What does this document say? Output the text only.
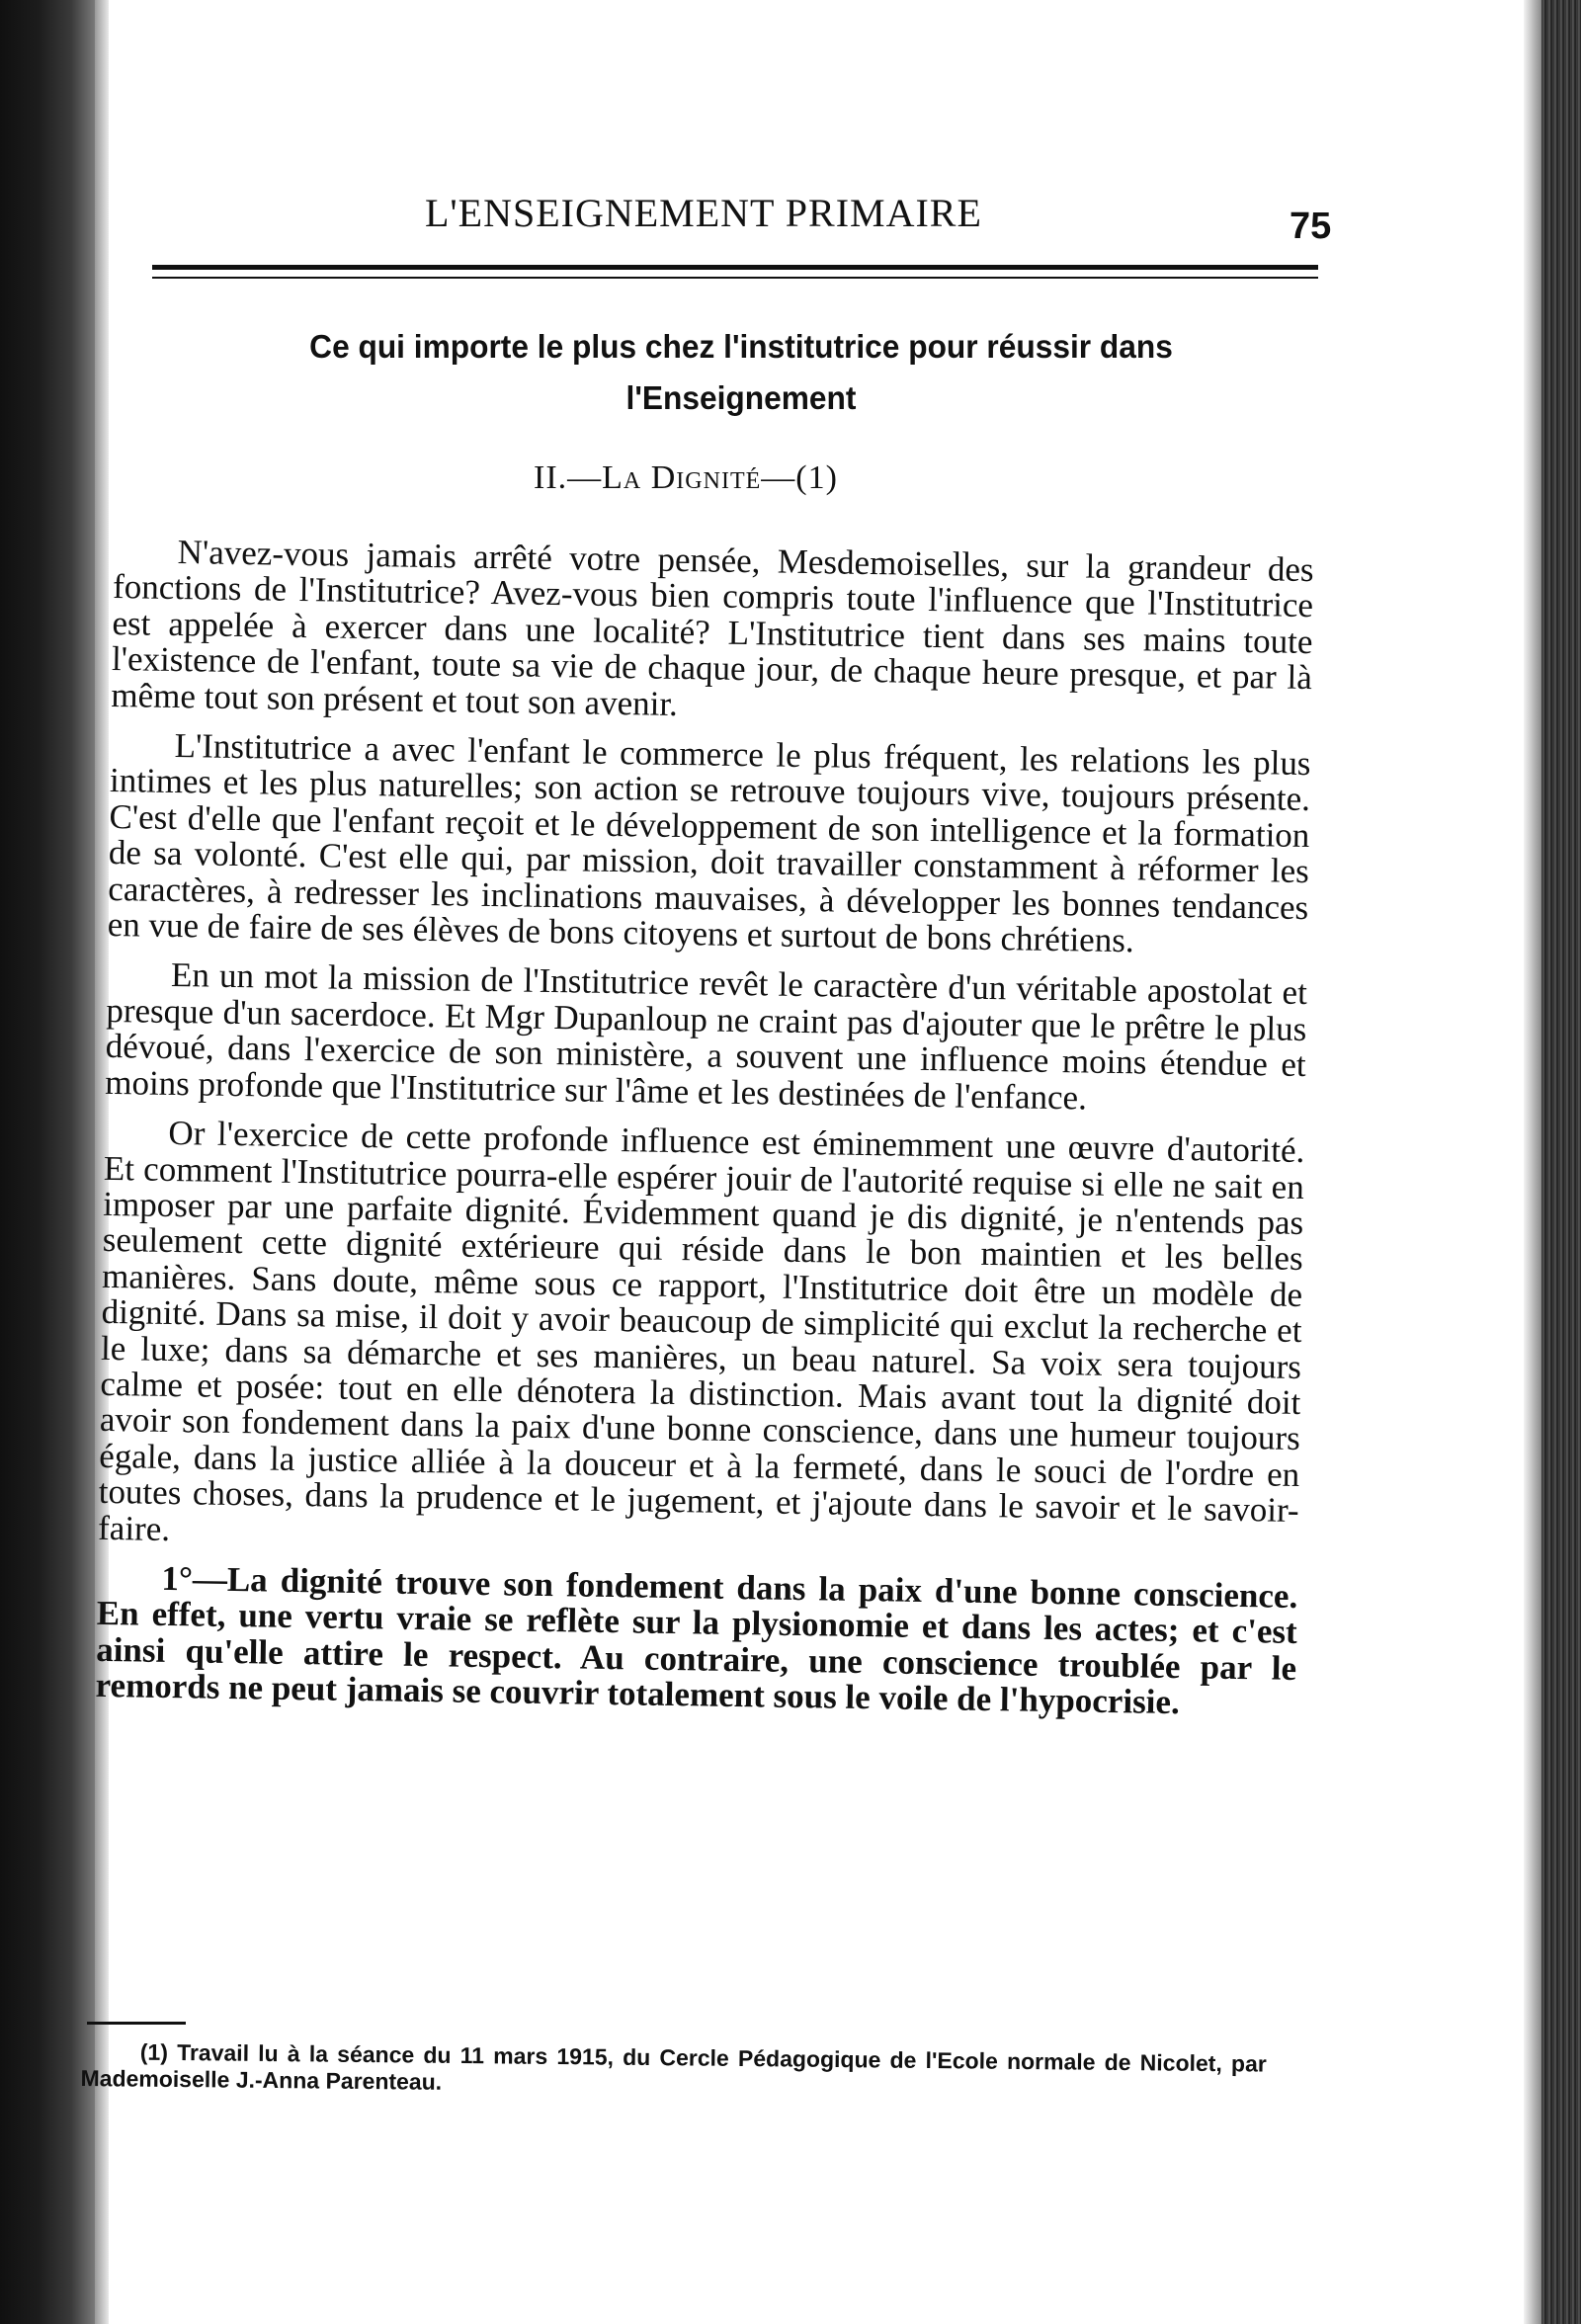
L'ENSEIGNEMENT PRIMAIRE	75
Ce qui importe le plus chez l'institutrice pour réussir dans l'Enseignement
II.—La Dignité—(1)

N'avez-vous jamais arrêté votre pensée, Mesdemoiselles, sur la grandeur des fonctions de l'Institutrice? Avez-vous bien compris toute l'influence que l'Institutrice est appelée à exercer dans une localité? L'Institutrice tient dans ses mains toute l'existence de l'enfant, toute sa vie de chaque jour, de chaque heure presque, et par là même tout son présent et tout son avenir.

L'Institutrice a avec l'enfant le commerce le plus fréquent, les relations les plus intimes et les plus naturelles; son action se retrouve toujours vive, toujours présente. C'est d'elle que l'enfant reçoit et le développement de son intelligence et la formation de sa volonté. C'est elle qui, par mission, doit travailler constamment à réformer les caractères, à redresser les inclinations mauvaises, à développer les bonnes tendances en vue de faire de ses élèves de bons citoyens et surtout de bons chrétiens.

En un mot la mission de l'Institutrice revêt le caractère d'un véritable apostolat et presque d'un sacerdoce. Et Mgr Dupanloup ne craint pas d'ajouter que le prêtre le plus dévoué, dans l'exercice de son ministère, a souvent une influence moins étendue et moins profonde que l'Institutrice sur l'âme et les destinées de l'enfance.

Or l'exercice de cette profonde influence est éminemment une œuvre d'autorité. Et comment l'Institutrice pourra-elle espérer jouir de l'autorité requise si elle ne sait en imposer par une parfaite dignité. Évidemment quand je dis dignité, je n'entends pas seulement cette dignité extérieure qui réside dans le bon maintien et les belles manières. Sans doute, même sous ce rapport, l'Institutrice doit être un modèle de dignité. Dans sa mise, il doit y avoir beaucoup de simplicité qui exclut la recherche et le luxe; dans sa démarche et ses manières, un beau naturel. Sa voix sera toujours calme et posée: tout en elle dénotera la distinction. Mais avant tout la dignité doit avoir son fondement dans la paix d'une bonne conscience, dans une humeur toujours égale, dans la justice alliée à la douceur et à la fermeté, dans le souci de l'ordre en toutes choses, dans la prudence et le jugement, et j'ajoute dans le savoir et le savoir-faire.

1°—La dignité trouve son fondement dans la paix d'une bonne conscience. En effet, une vertu vraie se reflète sur la plysionomie et dans les actes; et c'est ainsi qu'elle attire le respect. Au contraire, une conscience troublée par le remords ne peut jamais se couvrir totalement sous le voile de l'hypocrisie.

(1) Travail lu à la séance du 11 mars 1915, du Cercle Pédagogique de l'Ecole normale de Nicolet, par Mademoiselle J.-Anna Parenteau.
